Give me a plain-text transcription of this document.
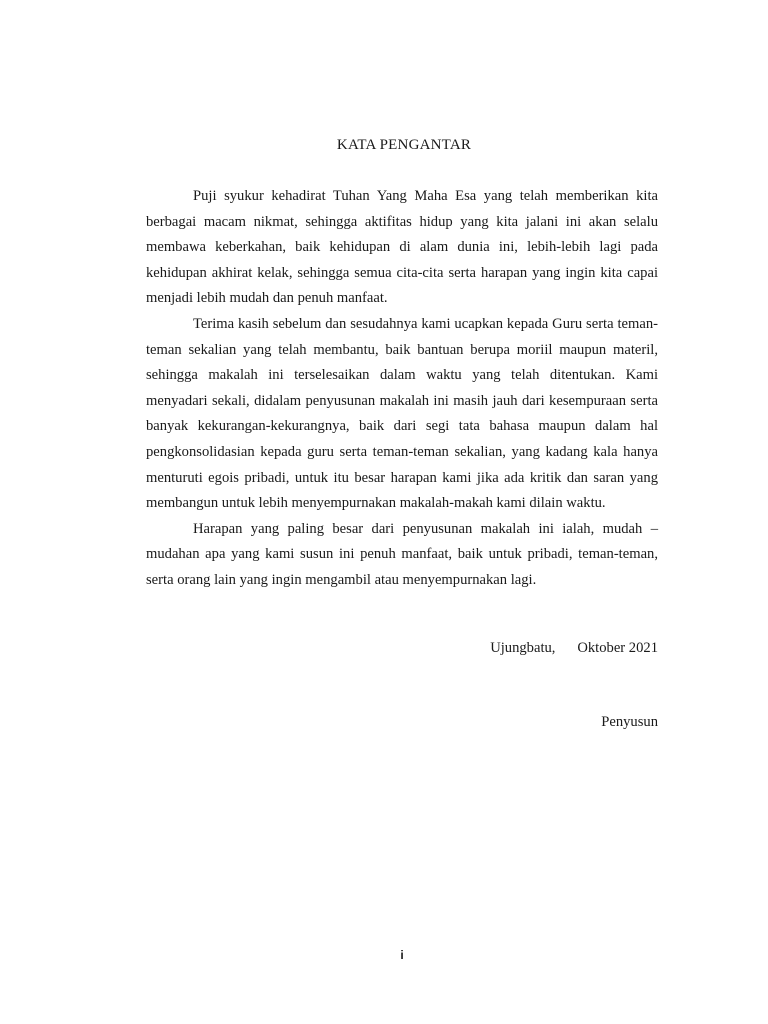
KATA PENGANTAR

Puji syukur kehadirat Tuhan Yang Maha Esa yang telah memberikan kita berbagai macam nikmat, sehingga aktifitas hidup yang kita jalani ini akan selalu membawa keberkahan, baik kehidupan di alam dunia ini, lebih-lebih lagi pada kehidupan akhirat kelak, sehingga semua cita-cita serta harapan yang ingin kita capai menjadi lebih mudah dan penuh manfaat.

Terima kasih sebelum dan sesudahnya kami ucapkan kepada Guru serta teman-teman sekalian yang telah membantu, baik bantuan berupa moriil maupun materil, sehingga makalah ini terselesaikan dalam waktu yang telah ditentukan. Kami menyadari sekali, didalam penyusunan makalah ini masih jauh dari kesempuraan serta banyak kekurangan-kekurangnya, baik dari segi tata bahasa maupun dalam hal pengkonsolidasian kepada guru serta teman-teman sekalian, yang kadang kala hanya menturuti egois pribadi, untuk itu besar harapan kami jika ada kritik dan saran yang membangun untuk lebih menyempurnakan makalah-makah kami dilain waktu.

Harapan yang paling besar dari penyusunan makalah ini ialah, mudah – mudahan apa yang kami susun ini penuh manfaat, baik untuk pribadi, teman-teman, serta orang lain yang ingin mengambil atau menyempurnakan lagi.

Ujungbatu,      Oktober 2021
Penyusun
i
